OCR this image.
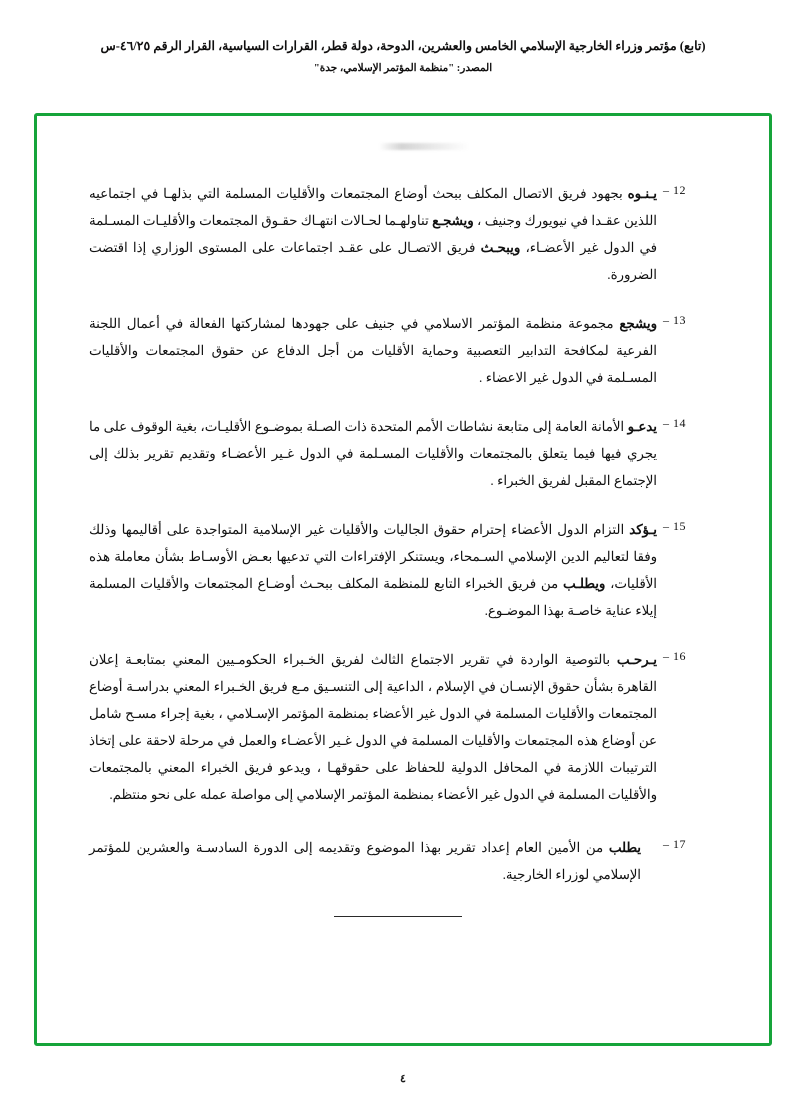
(تابع) مؤتمر وزراء الخارجية الإسلامي الخامس والعشرين، الدوحة، دولة قطر، القرارات السياسية، القرار الرقم ٤٦/٢٥-س
المصدر: "منظمة المؤتمر الإسلامي، جدة"
12 –
يـنـوه بجهود فريق الاتصال المكلف ببحث أوضاع المجتمعات والأقليات المسلمة التي بذلهـا في اجتماعيه اللذين عقـدا في نيويورك وجنيف ، ويشجـع تناولهـما لحـالات انتهـاك حقـوق المجتمعات والأقليـات المسـلمة في الدول غير الأعضـاء، ويبحـث فريق الاتصـال على عقـد اجتماعات على المستوى الوزاري إذا اقتضت الضرورة.
13 –
ويشجع مجموعة منظمة المؤتمر الاسلامي في جنيف على جهودها لمشاركتها الفعالة في أعمال اللجنة الفرعية لمكافحة التدابير التعصبية وحماية الأقليات من أجل الدفاع عن حقوق المجتمعات والأقليات المسـلمة في الدول غير الاعضاء .
14 –
يدعـو الأمانة العامة إلى متابعة نشاطات الأمم المتحدة ذات الصـلة بموضـوع الأقليـات، بغية الوقوف على ما يجري فيها فيما يتعلق بالمجتمعات والأقليات المسـلمة في الدول غـير الأعضـاء وتقديم تقرير بذلك إلى الإجتماع المقبل لفريق الخبراء .
15 –
يـؤكد التزام الدول الأعضاء إحترام حقوق الجاليات والأقليات غير الإسلامية المتواجدة على أقاليمها وذلك وفقا لتعاليم الدين الإسلامي السـمحاء، ويستنكر الإفتراءات التي تدعيها بعـض الأوسـاط بشأن معاملة هذه الأقليات، ويطلـب من فريق الخبراء التابع للمنظمة المكلف ببحـث أوضـاع المجتمعات والأقليات المسلمة إيلاء عناية خاصـة بهذا الموضـوع.
16 –
يـرحـب بالتوصية الواردة في تقرير الاجتماع الثالث لفريق الخـبراء الحكومـيين المعني بمتابعـة إعلان القاهرة بشأن حقوق الإنسـان في الإسلام ، الداعية إلى التنسـيق مـع فريق الخـبراء المعني بدراسـة أوضاع المجتمعات والأقليات المسلمة في الدول غير الأعضاء بمنظمة المؤتمر الإسـلامي ، بغية إجراء مسـح شامل عن أوضاع هذه المجتمعات والأقليات المسلمة في الدول غـير الأعضـاء والعمل في مرحلة لاحقة على إتخاذ الترتيبات اللازمة في المحافل الدولية للحفاظ على حقوقهـا ، ويدعو فريق الخبراء المعني بالمجتمعات والأقليات المسلمة في الدول غير الأعضاء بمنظمة المؤتمر الإسلامي إلى مواصلة عمله على نحو منتظم.
17 –
يطلب من الأمين العام إعداد تقرير بهذا الموضوع وتقديمه إلى الدورة السادسـة والعشرين للمؤتمر الإسلامي لوزراء الخارجية.
٤
